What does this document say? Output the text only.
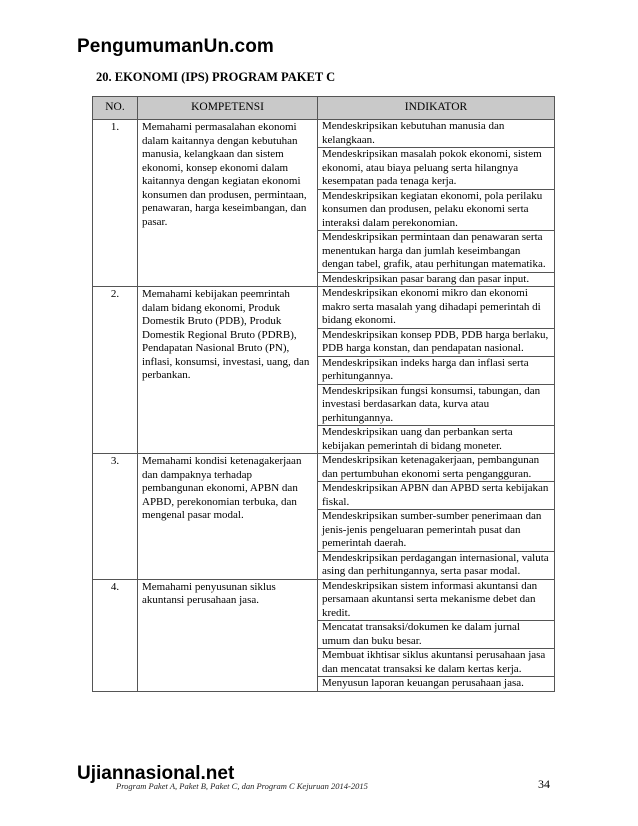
PengumumanUn.com
20. EKONOMI (IPS) PROGRAM PAKET C
NO.	KOMPETENSI	INDIKATOR
1.	Memahami permasalahan ekonomi dalam kaitannya dengan kebutuhan manusia, kelangkaan dan sistem ekonomi, konsep ekonomi dalam kaitannya dengan kegiatan ekonomi konsumen dan produsen, permintaan, penawaran, harga keseimbangan, dan pasar.	Mendeskripsikan kebutuhan manusia dan kelangkaan.
		Mendeskripsikan masalah pokok ekonomi, sistem ekonomi, atau biaya peluang serta hilangnya kesempatan pada tenaga kerja.
		Mendeskripsikan kegiatan ekonomi, pola perilaku konsumen dan produsen, pelaku ekonomi serta interaksi dalam perekonomian.
		Mendeskripsikan permintaan dan penawaran serta menentukan harga dan jumlah keseimbangan dengan tabel, grafik, atau perhitungan matematika.
		Mendeskripsikan pasar barang dan pasar input.
2.	Memahami kebijakan peemrintah dalam bidang ekonomi, Produk Domestik Bruto (PDB), Produk Domestik Regional Bruto (PDRB), Pendapatan Nasional Bruto (PN), inflasi, konsumsi, investasi, uang, dan perbankan.	Mendeskripsikan ekonomi mikro dan ekonomi makro serta masalah yang dihadapi pemerintah di bidang ekonomi.
		Mendeskripsikan konsep PDB, PDB harga berlaku, PDB harga konstan, dan pendapatan nasional.
		Mendeskripsikan indeks harga dan inflasi serta perhitungannya.
		Mendeskripsikan fungsi konsumsi, tabungan, dan investasi berdasarkan data, kurva atau perhitungannya.
		Mendeskripsikan uang dan perbankan serta kebijakan pemerintah di bidang moneter.
3.	Memahami kondisi ketenagakerjaan dan dampaknya terhadap pembangunan ekonomi, APBN dan APBD, perekonomian terbuka, dan mengenal pasar modal.	Mendeskripsikan ketenagakerjaan, pembangunan dan pertumbuhan ekonomi serta pengangguran.
		Mendeskripsikan APBN dan APBD serta kebijakan fiskal.
		Mendeskripsikan sumber-sumber penerimaan dan jenis-jenis pengeluaran pemerintah pusat dan pemerintah daerah.
		Mendeskripsikan perdagangan internasional, valuta asing dan perhitungannya, serta pasar modal.
4.	Memahami penyusunan siklus akuntansi perusahaan jasa.	Mendeskripsikan sistem informasi akuntansi dan persamaan akuntansi serta mekanisme debet dan kredit.
		Mencatat transaksi/dokumen ke dalam jurnal umum dan buku besar.
		Membuat ikhtisar siklus akuntansi perusahaan jasa dan mencatat transaksi ke dalam kertas kerja.
		Menyusun laporan keuangan perusahaan jasa.
Ujiannasional.net
Program Paket A, Paket B, Paket C, dan Program C Kejuruan 2014-2015	34
